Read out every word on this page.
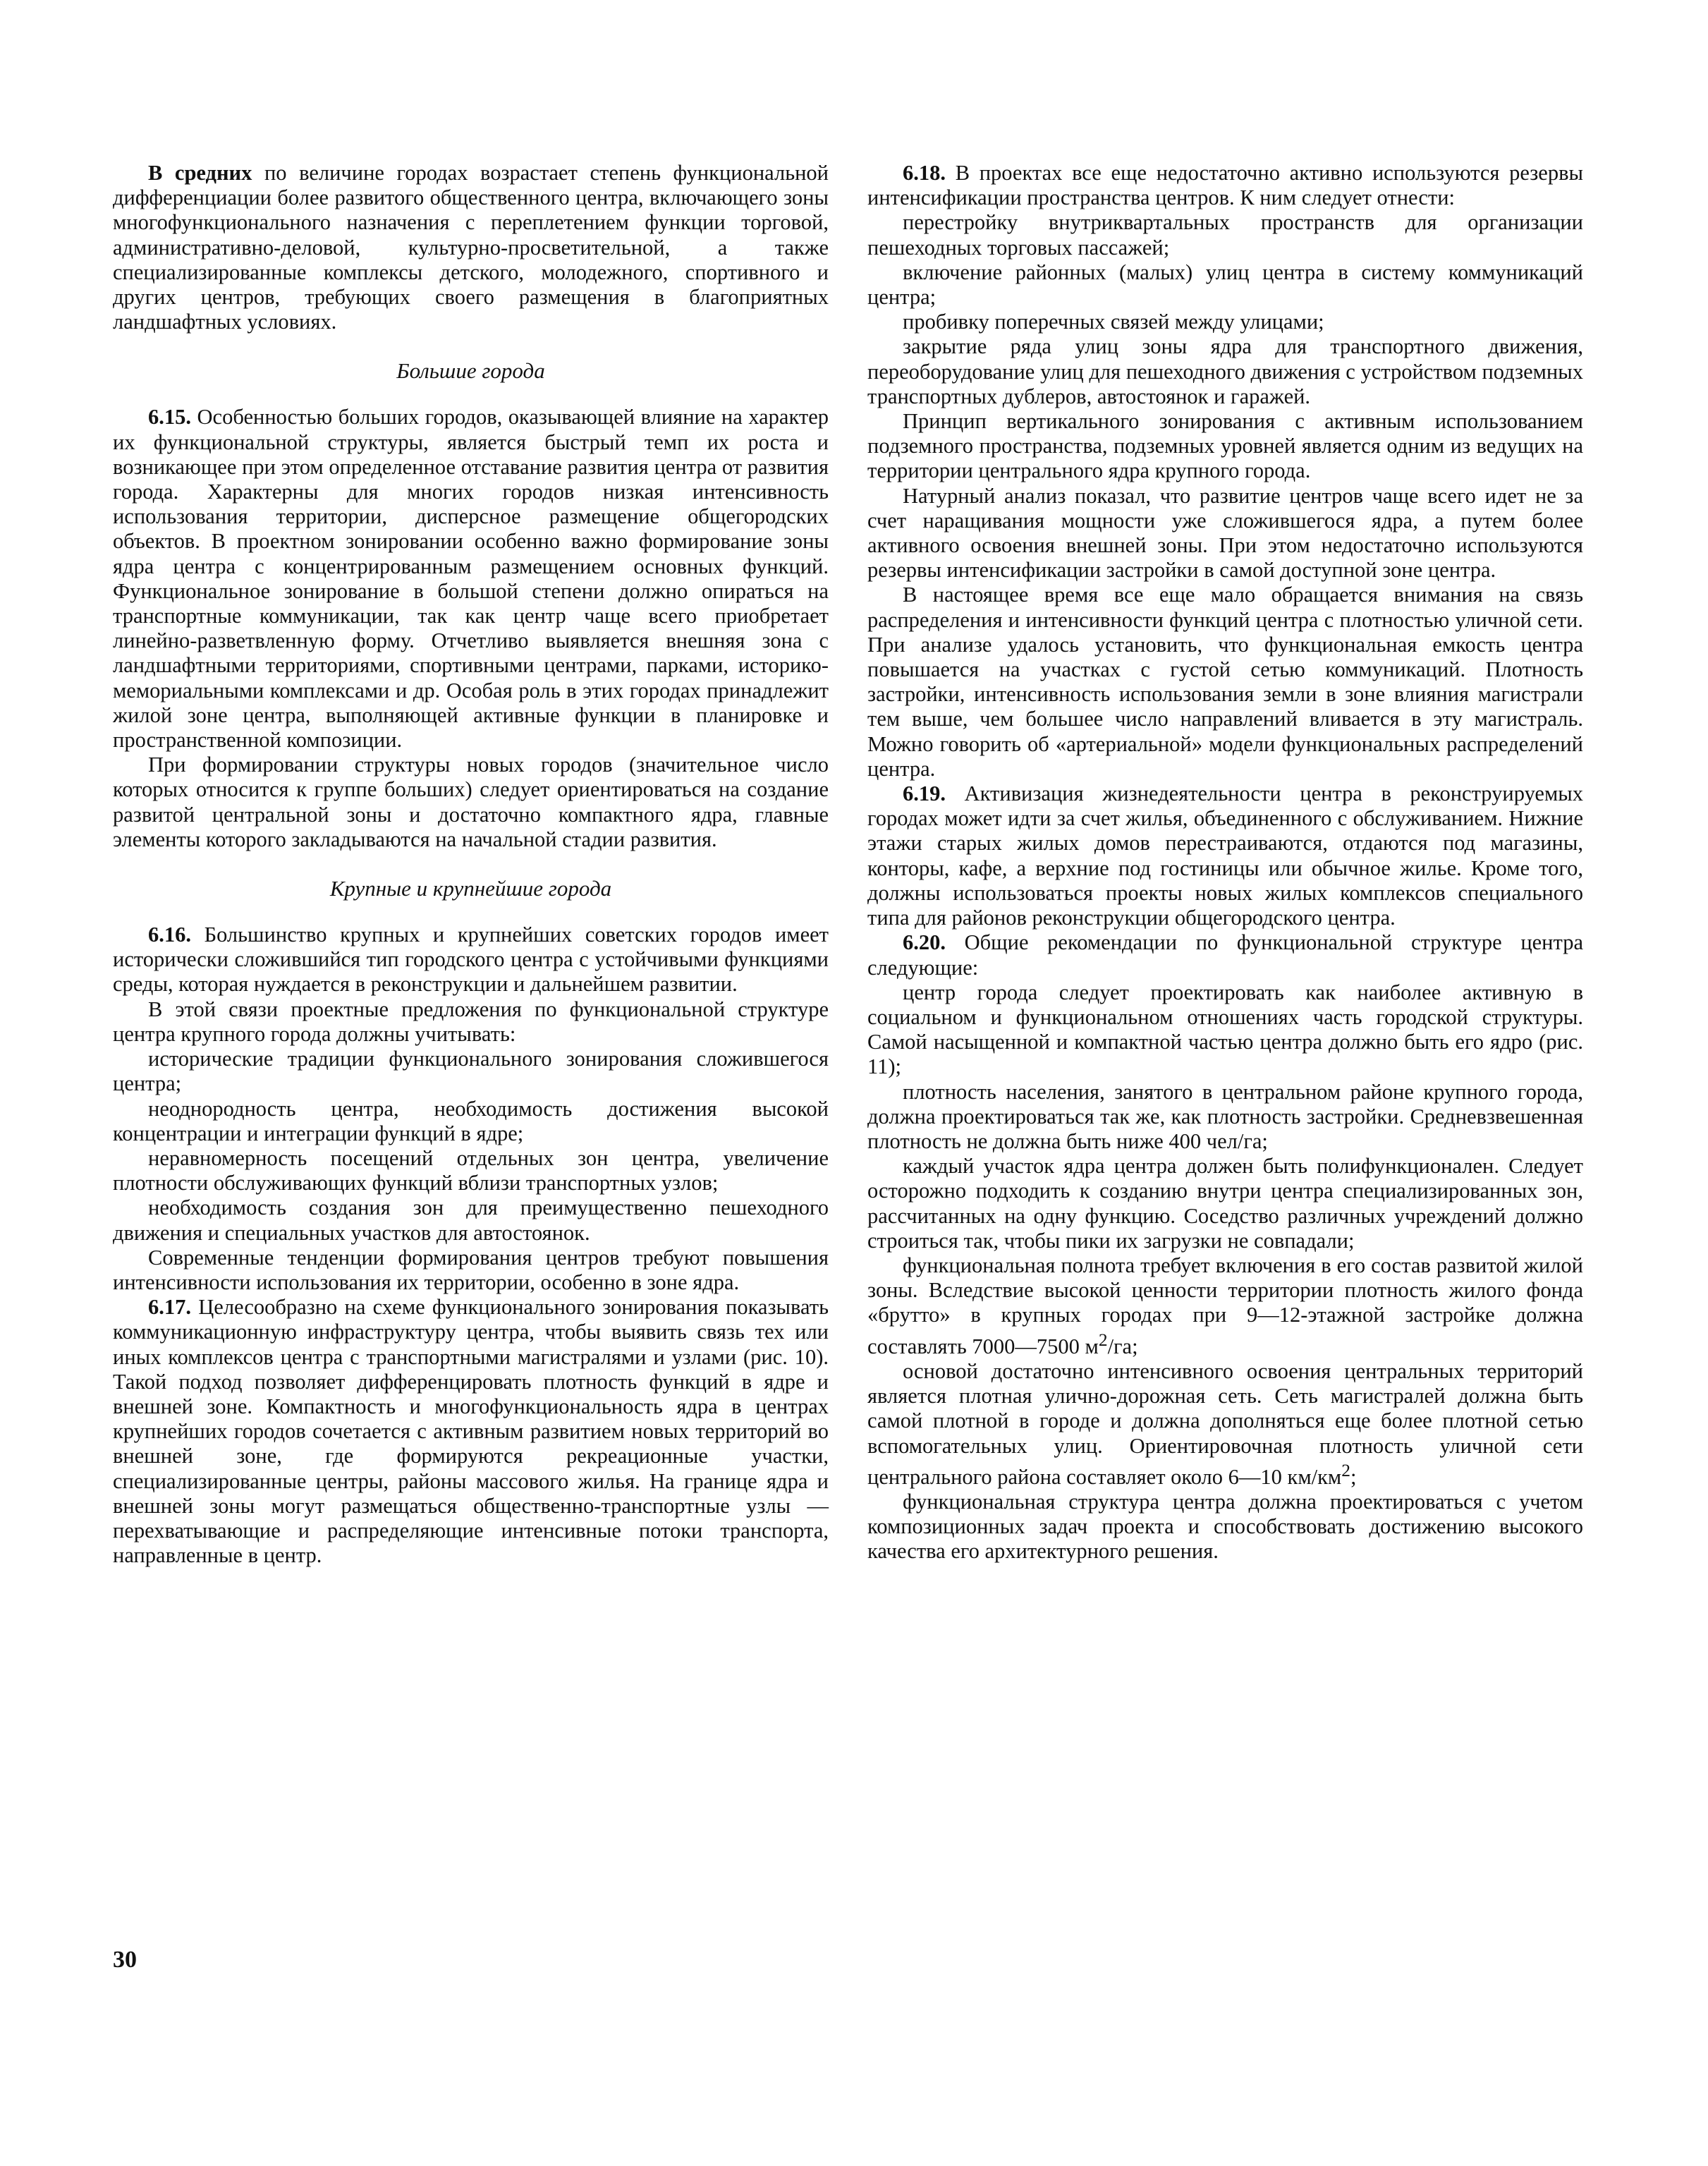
В средних по величине городах возрастает степень функциональной дифференциации более развитого общественного центра, включающего зоны многофункционального назначения с переплетением функции торговой, административно-деловой, культурно-просветительной, а также специализированные комплексы детского, молодежного, спортивного и других центров, требующих своего размещения в благоприятных ландшафтных условиях.

Большие города

6.15. Особенностью больших городов, оказывающей влияние на характер их функциональной структуры, является быстрый темп их роста и возникающее при этом определенное отставание развития центра от развития города. Характерны для многих городов низкая интенсивность использования территории, дисперсное размещение общегородских объектов. В проектном зонировании особенно важно формирование зоны ядра центра с концентрированным размещением основных функций. Функциональное зонирование в большой степени должно опираться на транспортные коммуникации, так как центр чаще всего приобретает линейно-разветвленную форму. Отчетливо выявляется внешняя зона с ландшафтными территориями, спортивными центрами, парками, историко-мемориальными комплексами и др. Особая роль в этих городах принадлежит жилой зоне центра, выполняющей активные функции в планировке и пространственной композиции.

При формировании структуры новых городов (значительное число которых относится к группе больших) следует ориентироваться на создание развитой центральной зоны и достаточно компактного ядра, главные элементы которого закладываются на начальной стадии развития.

Крупные и крупнейшие города

6.16. Большинство крупных и крупнейших советских городов имеет исторически сложившийся тип городского центра с устойчивыми функциями среды, которая нуждается в реконструкции и дальнейшем развитии.

В этой связи проектные предложения по функциональной структуре центра крупного города должны учитывать:

исторические традиции функционального зонирования сложившегося центра;

неоднородность центра, необходимость достижения высокой концентрации и интеграции функций в ядре;

неравномерность посещений отдельных зон центра, увеличение плотности обслуживающих функций вблизи транспортных узлов;

необходимость создания зон для преимущественно пешеходного движения и специальных участков для автостоянок.

Современные тенденции формирования центров требуют повышения интенсивности использования их территории, особенно в зоне ядра.

6.17. Целесообразно на схеме функционального зонирования показывать коммуникационную инфраструктуру центра, чтобы выявить связь тех или иных комплексов центра с транспортными магистралями и узлами (рис. 10). Такой подход позволяет дифференцировать плотность функций в ядре и внешней зоне. Компактность и многофункциональность ядра в центрах крупнейших городов сочетается с активным развитием новых территорий во внешней зоне, где формируются рекреационные участки, специализированные центры, районы массового жилья. На границе ядра и внешней зоны могут размещаться общественно-транспортные узлы — перехватывающие и распределяющие интенсивные потоки транспорта, направленные в центр.

6.18. В проектах все еще недостаточно активно используются резервы интенсификации пространства центров. К ним следует отнести:

перестройку внутриквартальных пространств для организации пешеходных торговых пассажей;

включение районных (малых) улиц центра в систему коммуникаций центра;

пробивку поперечных связей между улицами;

закрытие ряда улиц зоны ядра для транспортного движения, переоборудование улиц для пешеходного движения с устройством подземных транспортных дублеров, автостоянок и гаражей.

Принцип вертикального зонирования с активным использованием подземного пространства, подземных уровней является одним из ведущих на территории центрального ядра крупного города.

Натурный анализ показал, что развитие центров чаще всего идет не за счет наращивания мощности уже сложившегося ядра, а путем более активного освоения внешней зоны. При этом недостаточно используются резервы интенсификации застройки в самой доступной зоне центра.

В настоящее время все еще мало обращается внимания на связь распределения и интенсивности функций центра с плотностью уличной сети. При анализе удалось установить, что функциональная емкость центра повышается на участках с густой сетью коммуникаций. Плотность застройки, интенсивность использования земли в зоне влияния магистрали тем выше, чем большее число направлений вливается в эту магистраль. Можно говорить об «артериальной» модели функциональных распределений центра.

6.19. Активизация жизнедеятельности центра в реконструируемых городах может идти за счет жилья, объединенного с обслуживанием. Нижние этажи старых жилых домов перестраиваются, отдаются под магазины, конторы, кафе, а верхние под гостиницы или обычное жилье. Кроме того, должны использоваться проекты новых жилых комплексов специального типа для районов реконструкции общегородского центра.

6.20. Общие рекомендации по функциональной структуре центра следующие:

центр города следует проектировать как наиболее активную в социальном и функциональном отношениях часть городской структуры. Самой насыщенной и компактной частью центра должно быть его ядро (рис. 11);

плотность населения, занятого в центральном районе крупного города, должна проектироваться так же, как плотность застройки. Средневзвешенная плотность не должна быть ниже 400 чел/га;

каждый участок ядра центра должен быть полифункционален. Следует осторожно подходить к созданию внутри центра специализированных зон, рассчитанных на одну функцию. Соседство различных учреждений должно строиться так, чтобы пики их загрузки не совпадали;

функциональная полнота требует включения в его состав развитой жилой зоны. Вследствие высокой ценности территории плотность жилого фонда «брутто» в крупных городах при 9—12-этажной застройке должна составлять 7000—7500 $м^2/га$;

основой достаточно интенсивного освоения центральных территорий является плотная улично-дорожная сеть. Сеть магистралей должна быть самой плотной в городе и должна дополняться еще более плотной сетью вспомогательных улиц. Ориентировочная плотность уличной сети центрального района составляет около 6—10 $км/км^2$;

функциональная структура центра должна проектироваться с учетом композиционных задач проекта и способствовать достижению высокого качества его архитектурного решения.

30
